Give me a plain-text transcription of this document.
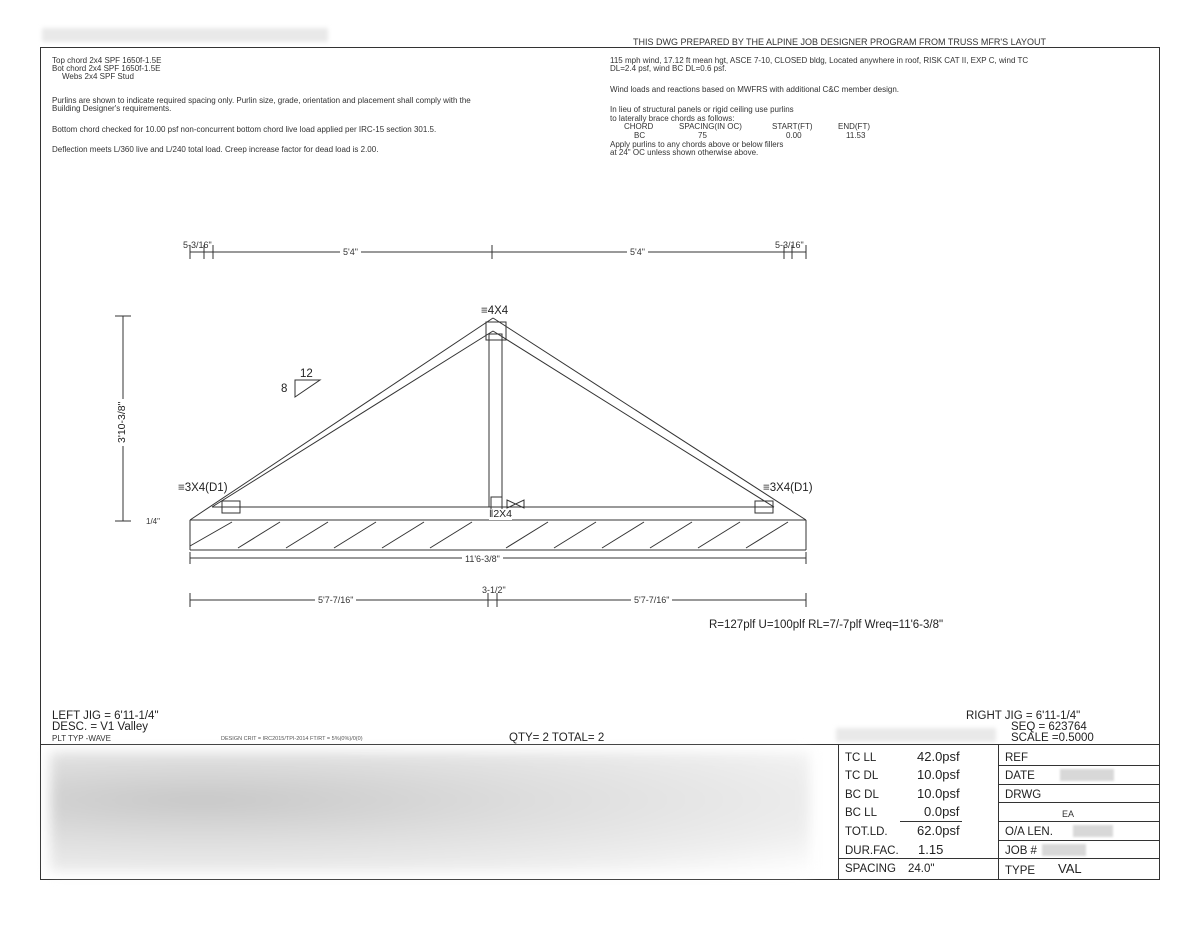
THIS DWG PREPARED BY THE ALPINE JOB DESIGNER PROGRAM FROM TRUSS MFR'S LAYOUT
Top chord 2x4 SPF 1650f-1.5E
Bot chord 2x4 SPF 1650f-1.5E
Webs 2x4 SPF Stud
Purlins are shown to indicate required spacing only. Purlin size, grade, orientation and placement shall comply with the
Building Designer's requirements.
Bottom chord checked for 10.00 psf non-concurrent bottom chord live load applied per IRC-15 section 301.5.
Deflection meets L/360 live and L/240 total load. Creep increase factor for dead load is 2.00.
115 mph wind, 17.12 ft mean hgt, ASCE 7-10, CLOSED bldg, Located anywhere in roof, RISK CAT II, EXP C, wind TC
DL=2.4 psf, wind BC DL=0.6 psf.
Wind loads and reactions based on MWFRS with additional C&C member design.
In lieu of structural panels or rigid ceiling use purlins
to laterally brace chords as follows:
CHORD	SPACING(IN OC)	START(FT)	END(FT)
BC	75	0.00	11.53
Apply purlins to any chords above or below fillers
at 24" OC unless shown otherwise above.
5-3/16"
5'4"	5'4"
5-3/16"
≡4X4
≡3X4(D1)	≡3X4(D1)
‖2X4
8
12
3'10-3/8"
1/4"
11'6-3/8"
5'7-7/16"
3-1/2"
5'7-7/16"
R=127plf U=100plf RL=7/-7plf Wreq=11'6-3/8"
LEFT JIG = 6'11-1/4"
DESC. = V1 Valley
PLT TYP -WAVE	DESIGN CRIT = IRC2015/TPI-2014 FT/RT = 5%(0%)/0(0)	QTY= 2 TOTAL= 2
RIGHT JIG = 6'11-1/4"
SEQ = 623764
SCALE =0.5000
TC LL	42.0psf
TC DL	10.0psf
BC DL	10.0psf
BC LL	0.0psf
TOT.LD. 62.0psf
DUR.FAC. 1.15
SPACING 24.0"
REF
DATE
DRWG
EA
O/A LEN.
JOB #
TYPE VAL
